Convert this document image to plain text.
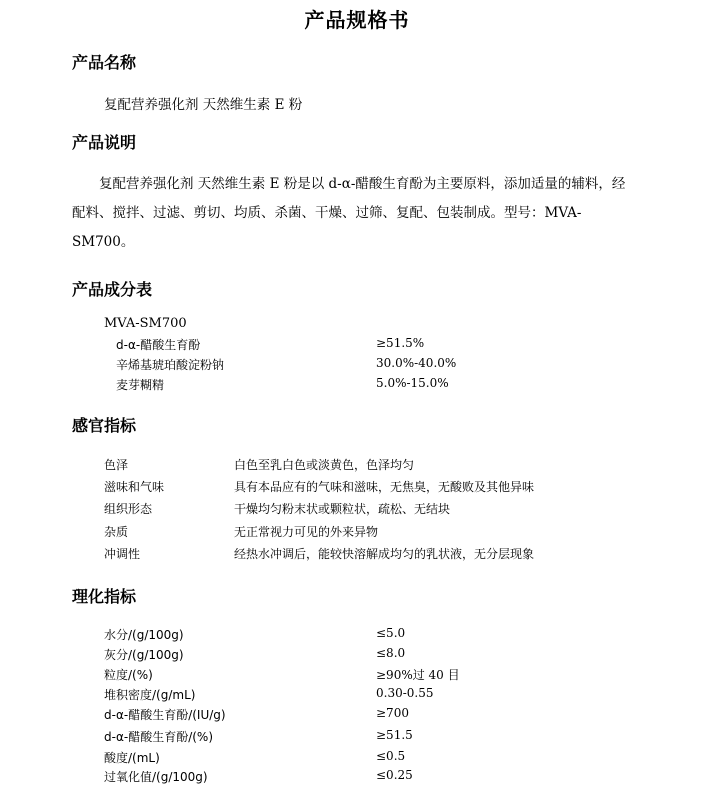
产品规格书
产品名称
复配营养强化剂 天然维生素 E 粉
产品说明

复配营养强化剂 天然维生素 E 粉是以 d-α-醋酸生育酚为主要原料，添加适量的辅料，经配料、搅拌、过滤、剪切、均质、杀菌、干燥、过筛、复配、包装制成。型号：MVA-SM700。

产品成分表
MVA-SM700
d-α-醋酸生育酚	≥51.5%
辛烯基琥珀酸淀粉钠	30.0%-40.0%
麦芽糊精	5.0%-15.0%
感官指标
色泽	白色至乳白色或淡黄色，色泽均匀
滋味和气味	具有本品应有的气味和滋味，无焦臭，无酸败及其他异味
组织形态	干燥均匀粉末状或颗粒状，疏松、无结块
杂质	无正常视力可见的外来异物
冲调性	经热水冲调后，能较快溶解成均匀的乳状液，无分层现象
理化指标
水分/(g/100g)	≤5.0
灰分/(g/100g)	≤8.0
粒度/(%)	≥90%过 40 目
堆积密度/(g/mL)	0.30-0.55
d-α-醋酸生育酚/(IU/g)	≥700
d-α-醋酸生育酚/(%)	≥51.5
酸度/(mL)	≤0.5
过氧化值/(g/100g)	≤0.25
